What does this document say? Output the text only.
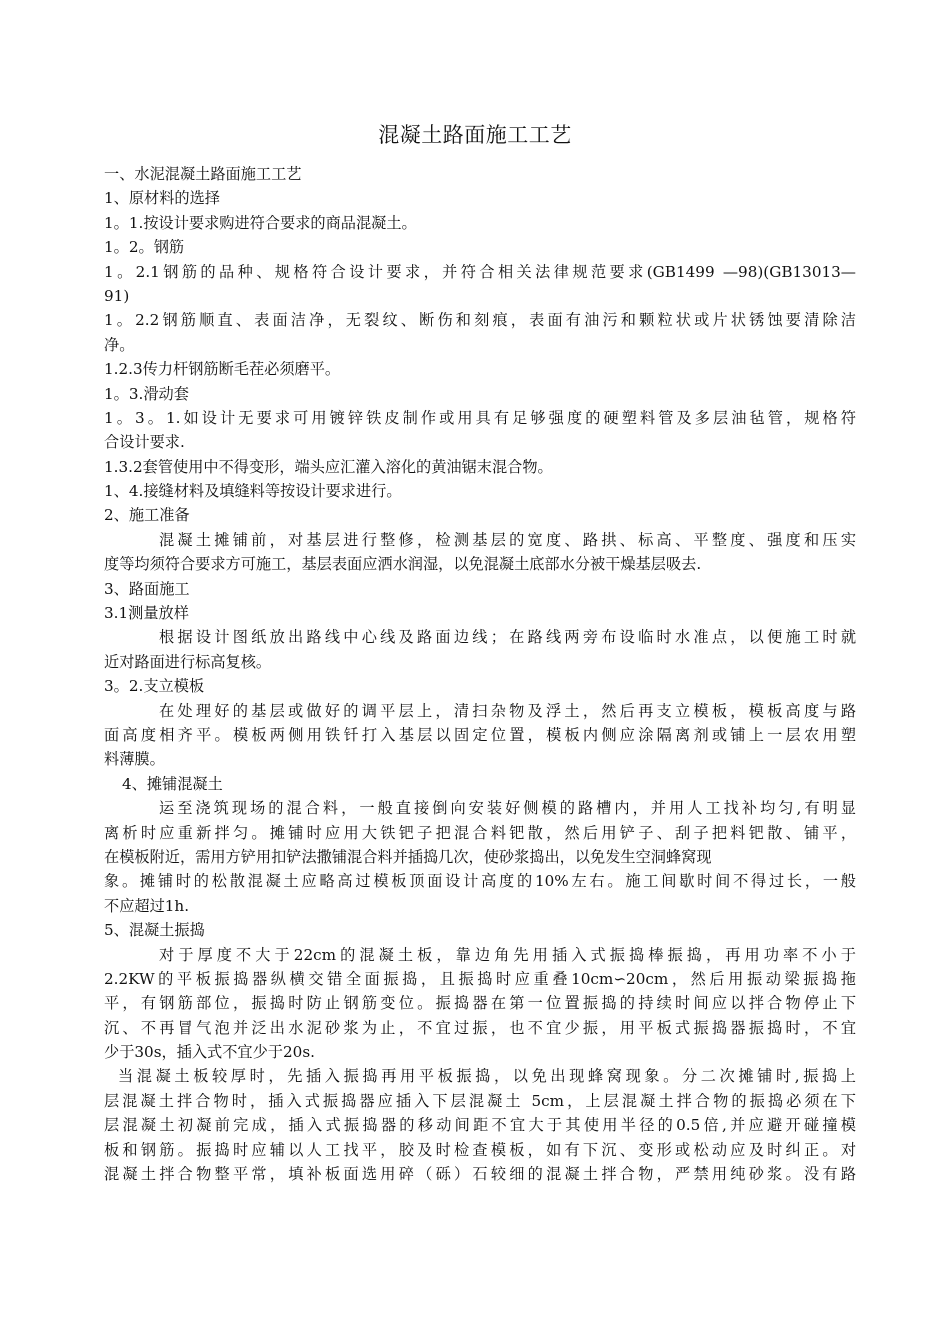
混凝土路面施工工艺
一、水泥混凝土路面施工工艺
1、原材料的选择
1。1.按设计要求购进符合要求的商品混凝土。
1。2。钢筋
1。2.1钢筋的品种、规格符合设计要求，并符合相关法律规范要求(GB1499 —98)(GB13013—
91)
1。2.2钢筋顺直、表面洁净，无裂纹、断伤和刻痕，表面有油污和颗粒状或片状锈蚀要清除洁
净。
1.2.3传力杆钢筋断毛茬必须磨平。
1。3.滑动套
1。3。1.如设计无要求可用镀锌铁皮制作或用具有足够强度的硬塑料管及多层油毡管，规格符
合设计要求.
1.3.2套管使用中不得变形，端头应汇灌入溶化的黄油锯末混合物。
1、4.接缝材料及填缝料等按设计要求进行。
2、施工准备
混凝土摊铺前，对基层进行整修，检测基层的宽度、路拱、标高、平整度、强度和压实
度等均须符合要求方可施工，基层表面应洒水润湿，以免混凝土底部水分被干燥基层吸去.
3、路面施工
3.1测量放样
根据设计图纸放出路线中心线及路面边线；在路线两旁布设临时水准点，以便施工时就
近对路面进行标高复核。
3。2.支立模板
在处理好的基层或做好的调平层上，清扫杂物及浮土，然后再支立模板，模板高度与路
面高度相齐平。模板两侧用铁钎打入基层以固定位置，模板内侧应涂隔离剂或铺上一层农用塑
料薄膜。
4、摊铺混凝土
运至浇筑现场的混合料，一般直接倒向安装好侧模的路槽内，并用人工找补均匀,有明显
离析时应重新拌匀。摊铺时应用大铁钯子把混合料钯散，然后用铲子、刮子把料钯散、铺平，
在模板附近，需用方铲用扣铲法撒铺混合料并插捣几次，使砂浆捣出，以免发生空洞蜂窝现
象。摊铺时的松散混凝土应略高过模板顶面设计高度的10%左右。施工间歇时间不得过长，一般
不应超过1h.
5、混凝土振捣
对于厚度不大于22cm的混凝土板，靠边角先用插入式振捣棒振捣，再用功率不小于
2.2KW的平板振捣器纵横交错全面振捣，且振捣时应重叠10cm∽20cm，然后用振动梁振捣拖
平，有钢筋部位，振捣时防止钢筋变位。振捣器在第一位置振捣的持续时间应以拌合物停止下
沉、不再冒气泡并泛出水泥砂浆为止，不宜过振，也不宜少振，用平板式振捣器振捣时，不宜
少于30s，插入式不宜少于20s.
当混凝土板较厚时，先插入振捣再用平板振捣，以免出现蜂窝现象。分二次摊铺时,振捣上
层混凝土拌合物时，插入式振捣器应插入下层混凝土 5cm，上层混凝土拌合物的振捣必须在下
层混凝土初凝前完成，插入式振捣器的移动间距不宜大于其使用半径的0.5倍,并应避开碰撞模
板和钢筋。振捣时应辅以人工找平，胶及时检查模板，如有下沉、变形或松动应及时纠正。对
混凝土拌合物整平常，填补板面选用碎（砾）石较细的混凝土拌合物，严禁用纯砂浆。没有路
